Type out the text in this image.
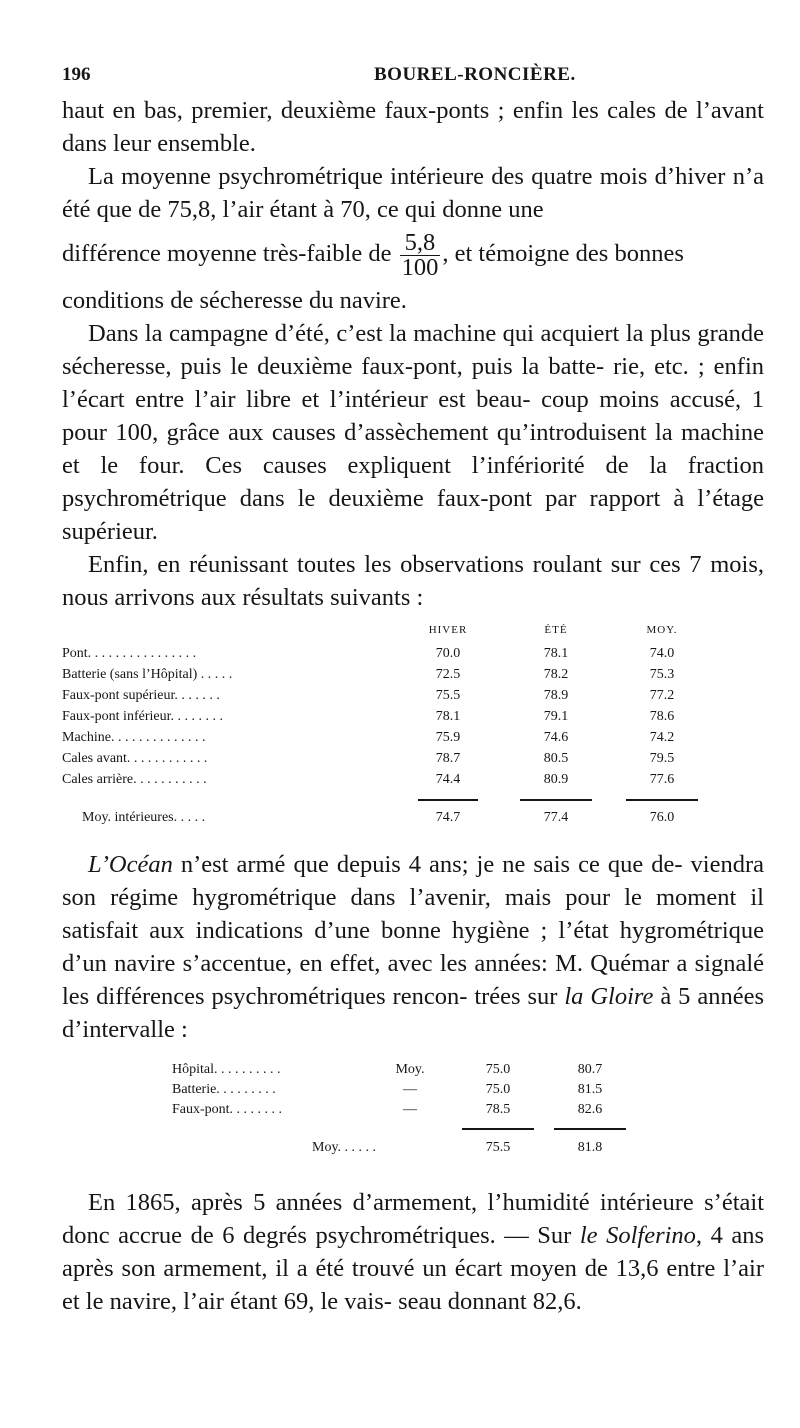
196	BOUREL-RONCIÈRE.

haut en bas, premier, deuxième faux-ponts ; enfin les cales de l’avant dans leur ensemble.

La moyenne psychrométrique intérieure des quatre mois d’hiver n’a été que de 75,8, l’air étant à 70, ce qui donne une

différence moyenne très-faible de $\frac{5,8}{100}$ , et témoigne des bonnes

conditions de sécheresse du navire.

Dans la campagne d’été, c’est la machine qui acquiert la plus grande sécheresse, puis le deuxième faux-pont, puis la batte- rie, etc. ; enfin l’écart entre l’air libre et l’intérieur est beau- coup moins accusé, 1 pour 100, grâce aux causes d’assèchement qu’introduisent la machine et le four. Ces causes expliquent l’infériorité de la fraction psychrométrique dans le deuxième faux-pont par rapport à l’étage supérieur.

Enfin, en réunissant toutes les observations roulant sur ces 7 mois, nous arrivons aux résultats suivants :

HIVER	ÉTÉ	MOY.
Pont. . . . . . . . . . . . . . . .	70.0	78.1	74.0
Batterie (sans l’Hôpital) . . . . .	72.5	78.2	75.3
Faux-pont supérieur. . . . . . .	75.5	78.9	77.2
Faux-pont inférieur. . . . . . . .	78.1	79.1	78.6
Machine. . . . . . . . . . . . . .	75.9	74.6	74.2
Cales avant. . . . . . . . . . . .	78.7	80.5	79.5
Cales arrière. . . . . . . . . . .	74.4	80.9	77.6
Moy. intérieures. . . . .	74.7	77.4	76.0

L’Océan n’est armé que depuis 4 ans; je ne sais ce que de- viendra son régime hygrométrique dans l’avenir, mais pour le moment il satisfait aux indications d’une bonne hygiène ; l’état hygrométrique d’un navire s’accentue, en effet, avec les années: M. Quémar a signalé les différences psychrométriques rencon- trées sur la Gloire à 5 années d’intervalle :

Hôpital. . . . . . . . . .	Moy.	75.0	80.7
Batterie. . . . . . . . .	—	75.0	81.5
Faux-pont. . . . . . . .	—	78.5	82.6
Moy. . . . . .	75.5	81.8

En 1865, après 5 années d’armement, l’humidité intérieure s’était donc accrue de 6 degrés psychrométriques. — Sur le Solferino, 4 ans après son armement, il a été trouvé un écart moyen de 13,6 entre l’air et le navire, l’air étant 69, le vais- seau donnant 82,6.
